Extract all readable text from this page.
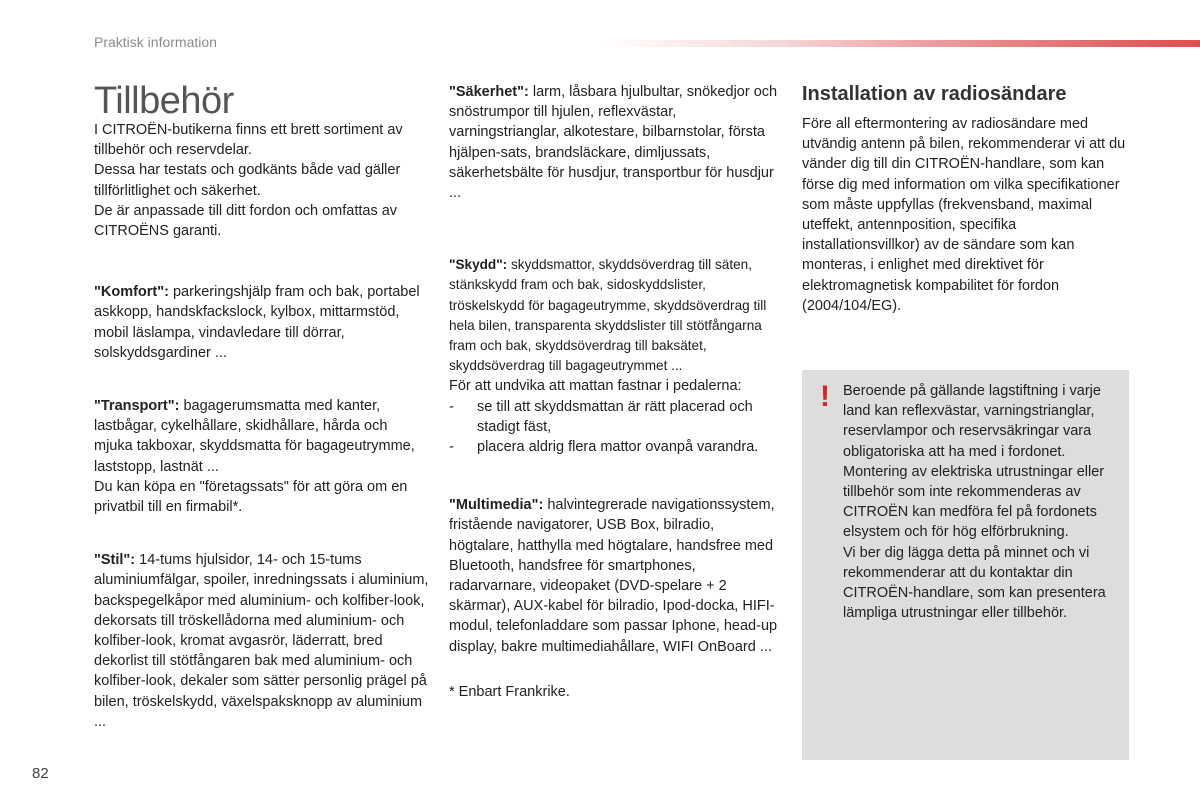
Praktisk information
Tillbehör

I CITROËN-butikerna finns ett brett sortiment av tillbehör och reservdelar.

Dessa har testats och godkänts både vad gäller tillförlitlighet och säkerhet.

De är anpassade till ditt fordon och omfattas av CITROËNS garanti.

"Komfort": parkeringshjälp fram och bak, portabel askkopp, handskfackslock, kylbox, mittarmstöd, mobil läslampa, vindavledare till dörrar, solskyddsgardiner ...

"Transport": bagagerumsmatta med kanter, lastbågar, cykelhållare, skidhållare, hårda och mjuka takboxar, skyddsmatta för bagageutrymme, laststopp, lastnät ...

Du kan köpa en "företagssats" för att göra om en privatbil till en firmabil*.

"Stil": 14-tums hjulsidor, 14- och 15-tums aluminiumfälgar, spoiler, inredningssats i aluminium, backspegelkåpor med aluminium- och kolfiber-look, dekorsats till tröskellådorna med aluminium- och kolfiber-look, kromat avgasrör, läderratt, bred dekorlist till stötfångaren bak med aluminium- och kolfiber-look, dekaler som sätter personlig prägel på bilen, tröskelskydd, växelspaksknopp av aluminium ...

"Säkerhet": larm, låsbara hjulbultar, snökedjor och snöstrumpor till hjulen, reflexvästar, varningstrianglar, alkotestare, bilbarnstolar, första hjälpen-sats, brandsläckare, dimljussats, säkerhetsbälte för husdjur, transportbur för husdjur ...

"Skydd": skyddsmattor, skyddsöverdrag till säten, stänkskydd fram och bak, sidoskyddslister, tröskelskydd för bagageutrymme, skyddsöverdrag till hela bilen, transparenta skyddslister till stötfångarna fram och bak, skyddsöverdrag till baksätet, skyddsöverdrag till bagageutrymmet ...

För att undvika att mattan fastnar i pedalerna:

- se till att skyddsmattan är rätt placerad och stadigt fäst,
- placera aldrig flera mattor ovanpå varandra.

"Multimedia": halvintegrerade navigationssystem, fristående navigatorer, USB Box, bilradio, högtalare, hatthylla med högtalare, handsfree med Bluetooth, handsfree för smartphones, radarvarnare, videopaket (DVD-spelare + 2 skärmar), AUX-kabel för bilradio, Ipod-docka, HIFI-modul, telefonladdare som passar Iphone, head-up display, bakre multimediahållare, WIFI OnBoard ...

* Enbart Frankrike.

Installation av radiosändare

Före all eftermontering av radiosändare med utvändig antenn på bilen, rekommenderar vi att du vänder dig till din CITROËN-handlare, som kan förse dig med information om vilka specifikationer som måste uppfyllas (frekvensband, maximal uteffekt, antennposition, specifika installationsvillkor) av de sändare som kan monteras, i enlighet med direktivet för elektromagnetisk kompabilitet för fordon (2004/104/EG).

! Beroende på gällande lagstiftning i varje land kan reflexvästar, varningstrianglar, reservlampor och reservsäkringar vara obligatoriska att ha med i fordonet.

Montering av elektriska utrustningar eller tillbehör som inte rekommenderas av CITROËN kan medföra fel på fordonets elsystem och för hög elförbrukning.

Vi ber dig lägga detta på minnet och vi rekommenderar att du kontaktar din CITROËN-handlare, som kan presentera lämpliga utrustningar eller tillbehör.

82
